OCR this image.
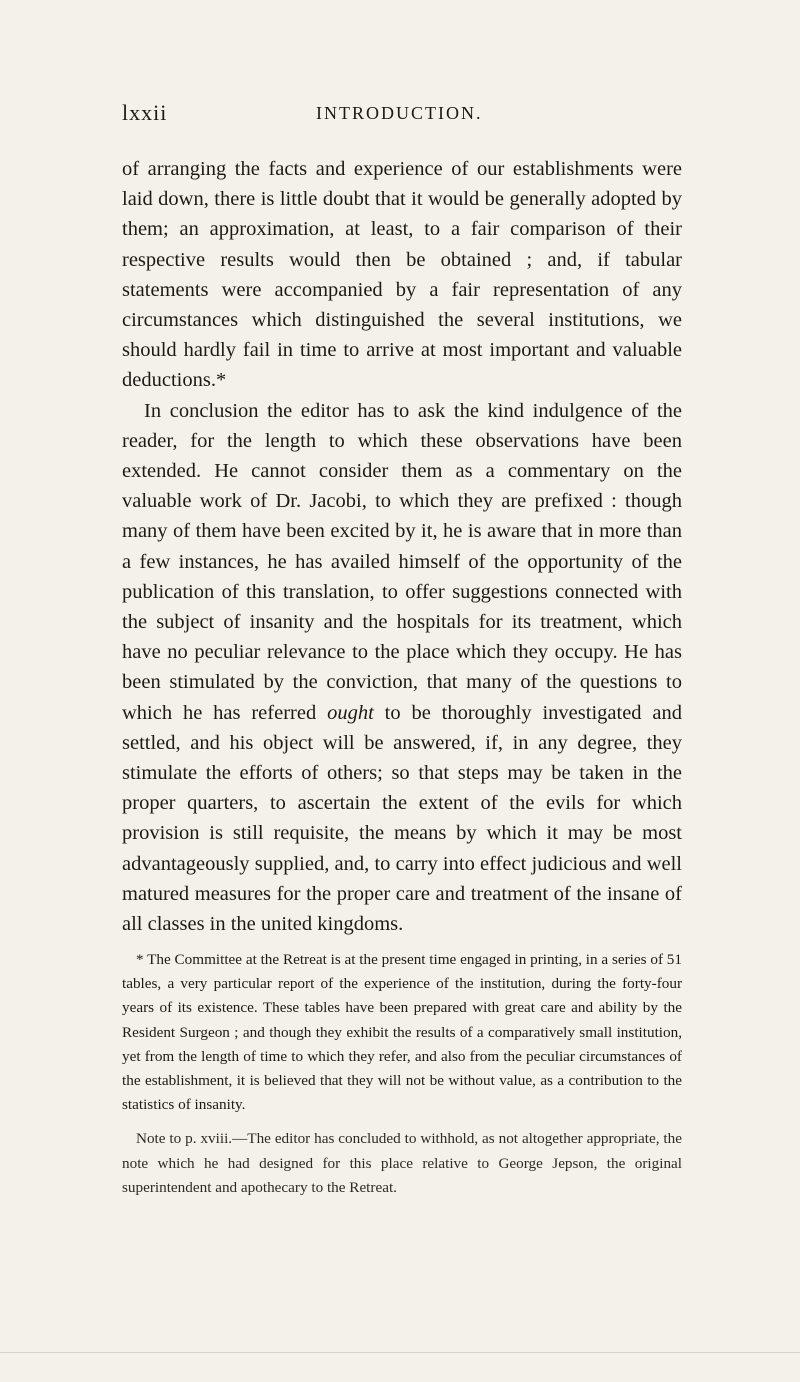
lxxii	INTRODUCTION.

of arranging the facts and experience of our establishments were laid down, there is little doubt that it would be generally adopted by them; an approximation, at least, to a fair comparison of their respective results would then be obtained ; and, if tabular statements were accompanied by a fair representation of any circumstances which distinguished the several institutions, we should hardly fail in time to arrive at most important and valuable deductions.*

In conclusion the editor has to ask the kind indulgence of the reader, for the length to which these observations have been extended. He cannot consider them as a commentary on the valuable work of Dr. Jacobi, to which they are prefixed : though many of them have been excited by it, he is aware that in more than a few instances, he has availed himself of the opportunity of the publication of this translation, to offer suggestions connected with the subject of insanity and the hospitals for its treatment, which have no peculiar relevance to the place which they occupy. He has been stimulated by the conviction, that many of the questions to which he has referred ought to be thoroughly investigated and settled, and his object will be answered, if, in any degree, they stimulate the efforts of others; so that steps may be taken in the proper quarters, to ascertain the extent of the evils for which provision is still requisite, the means by which it may be most advantageously supplied, and, to carry into effect judicious and well matured measures for the proper care and treatment of the insane of all classes in the united kingdoms.

* The Committee at the Retreat is at the present time engaged in printing, in a series of 51 tables, a very particular report of the experience of the institution, during the forty-four years of its existence. These tables have been prepared with great care and ability by the Resident Surgeon ; and though they exhibit the results of a comparatively small institution, yet from the length of time to which they refer, and also from the peculiar circumstances of the establishment, it is believed that they will not be without value, as a contribution to the statistics of insanity.

Note to p. xviii.—The editor has concluded to withhold, as not altogether appropriate, the note which he had designed for this place relative to George Jepson, the original superintendent and apothecary to the Retreat.
